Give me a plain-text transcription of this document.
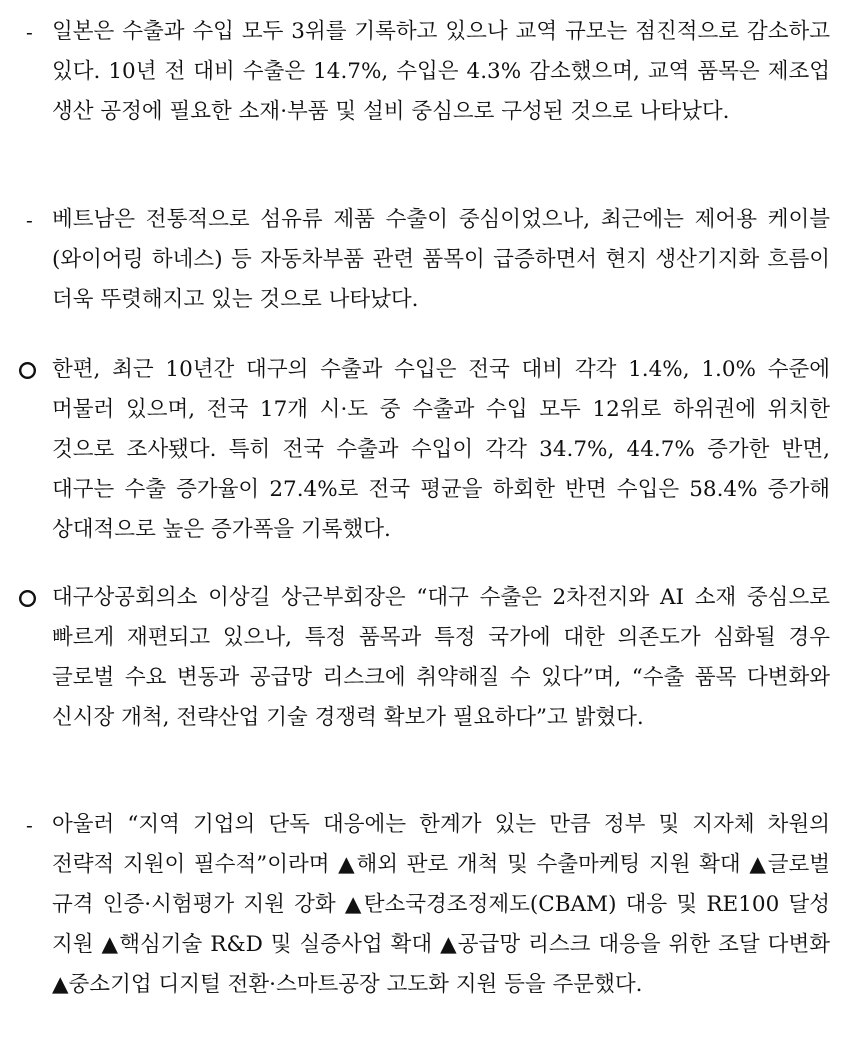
- 일본은 수출과 수입 모두 3위를 기록하고 있으나 교역 규모는 점진적으로 감소하고 있다. 10년 전 대비 수출은 14.7%, 수입은 4.3% 감소했으며, 교역 품목은 제조업 생산 공정에 필요한 소재·부품 및 설비 중심으로 구성된 것으로 나타났다.
- 베트남은 전통적으로 섬유류 제품 수출이 중심이었으나, 최근에는 제어용 케이블(와이어링 하네스) 등 자동차부품 관련 품목이 급증하면서 현지 생산기지화 흐름이 더욱 뚜렷해지고 있는 것으로 나타났다.
한편, 최근 10년간 대구의 수출과 수입은 전국 대비 각각 1.4%, 1.0% 수준에 머물러 있으며, 전국 17개 시·도 중 수출과 수입 모두 12위로 하위권에 위치한 것으로 조사됐다. 특히 전국 수출과 수입이 각각 34.7%, 44.7% 증가한 반면, 대구는 수출 증가율이 27.4%로 전국 평균을 하회한 반면 수입은 58.4% 증가해 상대적으로 높은 증가폭을 기록했다.
대구상공회의소 이상길 상근부회장은 “대구 수출은 2차전지와 AI 소재 중심으로 빠르게 재편되고 있으나, 특정 품목과 특정 국가에 대한 의존도가 심화될 경우 글로벌 수요 변동과 공급망 리스크에 취약해질 수 있다”며, “수출 품목 다변화와 신시장 개척, 전략산업 기술 경쟁력 확보가 필요하다”고 밝혔다.
- 아울러 “지역 기업의 단독 대응에는 한계가 있는 만큼 정부 및 지자체 차원의 전략적 지원이 필수적”이라며 ▲해외 판로 개척 및 수출마케팅 지원 확대 ▲글로벌 규격 인증·시험평가 지원 강화 ▲탄소국경조정제도(CBAM) 대응 및 RE100 달성 지원 ▲핵심기술 R&D 및 실증사업 확대 ▲공급망 리스크 대응을 위한 조달 다변화 ▲중소기업 디지털 전환·스마트공장 고도화 지원 등을 주문했다.
